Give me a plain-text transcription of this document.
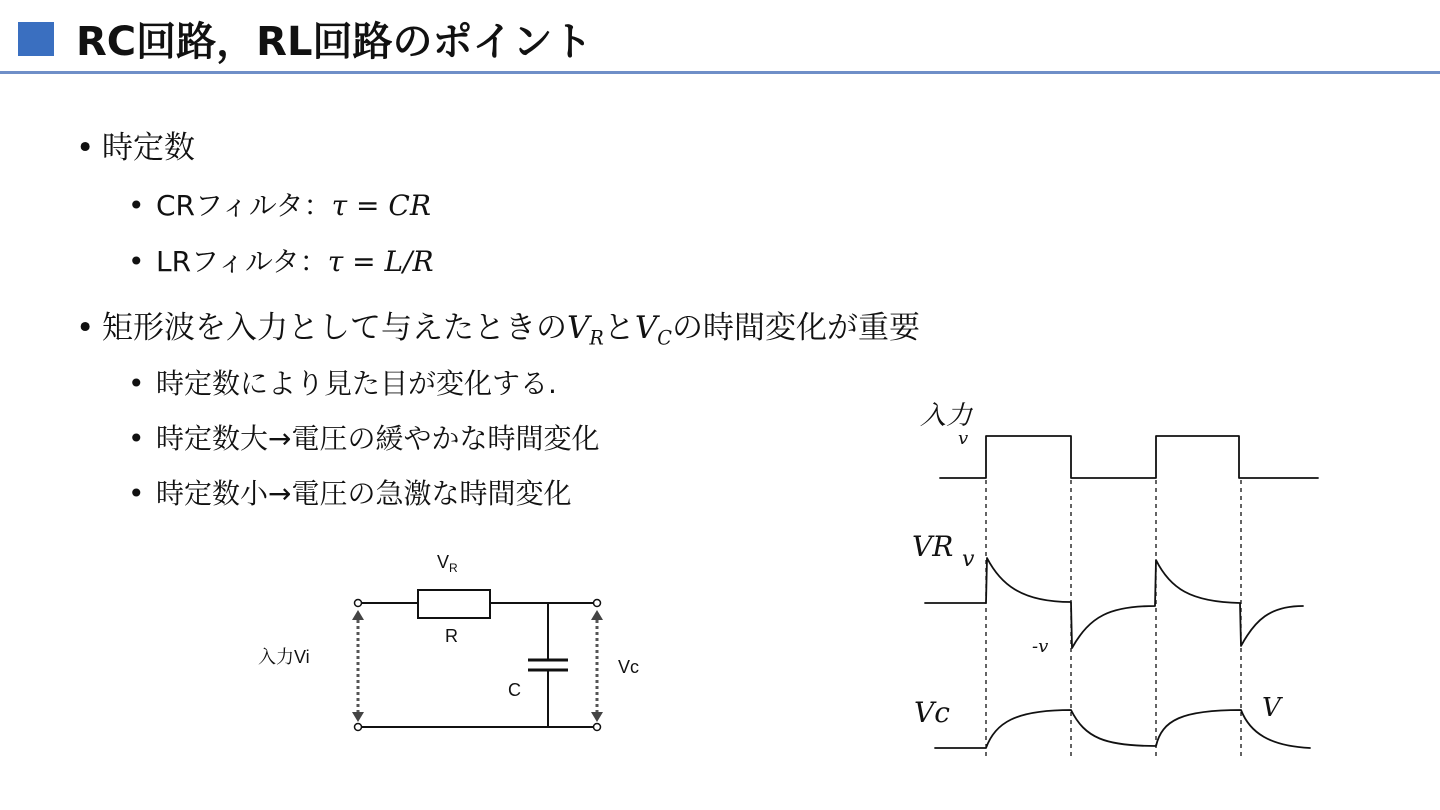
RC回路，RL回路のポイント
• 時定数
• CRフィルタ：τ = CR
• LRフィルタ：τ = L/R
• 矩形波を入力として与えたときの$V_R$と$V_C$の時間変化が重要
• 時定数により見た目が変化する.
• 時定数大→電圧の緩やかな時間変化
• 時定数小→電圧の急激な時間変化
$V_R$
R
C
入力Vi	Vc
入力
v
VR v
-v
Vc	V
